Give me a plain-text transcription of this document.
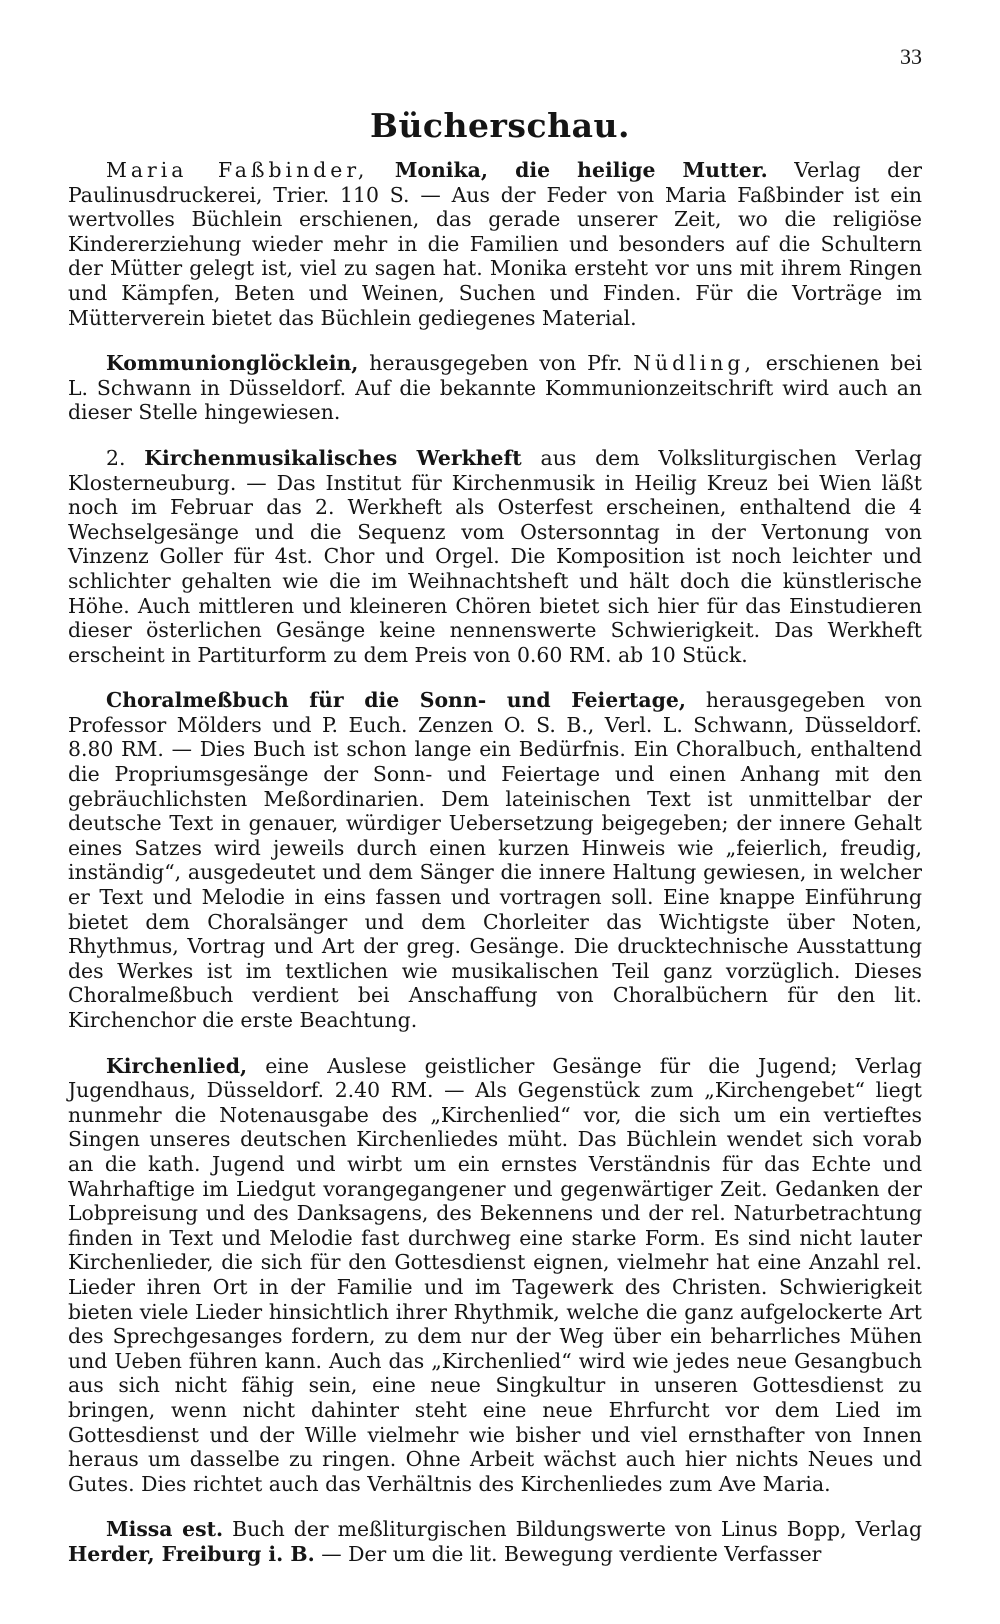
33
Bücherschau.

Maria Faßbinder, Monika, die heilige Mutter. Verlag der Paulinusdruckerei, Trier. 110 S. — Aus der Feder von Maria Faßbinder ist ein wertvolles Büchlein erschienen, das gerade unserer Zeit, wo die religiöse Kindererziehung wieder mehr in die Familien und besonders auf die Schultern der Mütter gelegt ist, viel zu sagen hat. Monika ersteht vor uns mit ihrem Ringen und Kämpfen, Beten und Weinen, Suchen und Finden. Für die Vorträge im Mütterverein bietet das Büchlein gediegenes Material.

Kommunionglöcklein, herausgegeben von Pfr. Nüdling, erschienen bei L. Schwann in Düsseldorf. Auf die bekannte Kommunionzeitschrift wird auch an dieser Stelle hingewiesen.

2. Kirchenmusikalisches Werkheft aus dem Volksliturgischen Verlag Klosterneuburg. — Das Institut für Kirchenmusik in Heilig Kreuz bei Wien läßt noch im Februar das 2. Werkheft als Osterfest erscheinen, enthaltend die 4 Wechselgesänge und die Sequenz vom Ostersonntag in der Vertonung von Vinzenz Goller für 4st. Chor und Orgel. Die Komposition ist noch leichter und schlichter gehalten wie die im Weihnachtsheft und hält doch die künstlerische Höhe. Auch mittleren und kleineren Chören bietet sich hier für das Einstudieren dieser österlichen Gesänge keine nennenswerte Schwierigkeit. Das Werkheft erscheint in Partiturform zu dem Preis von 0.60 RM. ab 10 Stück.

Choralmeßbuch für die Sonn- und Feiertage, herausgegeben von Professor Mölders und P. Euch. Zenzen O. S. B., Verl. L. Schwann, Düsseldorf. 8.80 RM. — Dies Buch ist schon lange ein Bedürfnis. Ein Choralbuch, enthaltend die Propriumsgesänge der Sonn- und Feiertage und einen Anhang mit den gebräuchlichsten Meßordinarien. Dem lateinischen Text ist unmittelbar der deutsche Text in genauer, würdiger Uebersetzung beigegeben; der innere Gehalt eines Satzes wird jeweils durch einen kurzen Hinweis wie „feierlich, freudig, inständig“, ausgedeutet und dem Sänger die innere Haltung gewiesen, in welcher er Text und Melodie in eins fassen und vortragen soll. Eine knappe Einführung bietet dem Choralsänger und dem Chorleiter das Wichtigste über Noten, Rhythmus, Vortrag und Art der greg. Gesänge. Die drucktechnische Ausstattung des Werkes ist im textlichen wie musikalischen Teil ganz vorzüglich. Dieses Choralmeßbuch verdient bei Anschaffung von Choralbüchern für den lit. Kirchenchor die erste Beachtung.

Kirchenlied, eine Auslese geistlicher Gesänge für die Jugend; Verlag Jugendhaus, Düsseldorf. 2.40 RM. — Als Gegenstück zum „Kirchengebet“ liegt nunmehr die Notenausgabe des „Kirchenlied“ vor, die sich um ein vertieftes Singen unseres deutschen Kirchenliedes müht. Das Büchlein wendet sich vorab an die kath. Jugend und wirbt um ein ernstes Verständnis für das Echte und Wahrhaftige im Liedgut vorangegangener und gegenwärtiger Zeit. Gedanken der Lobpreisung und des Danksagens, des Bekennens und der rel. Naturbetrachtung finden in Text und Melodie fast durchweg eine starke Form. Es sind nicht lauter Kirchenlieder, die sich für den Gottesdienst eignen, vielmehr hat eine Anzahl rel. Lieder ihren Ort in der Familie und im Tagewerk des Christen. Schwierigkeit bieten viele Lieder hinsichtlich ihrer Rhythmik, welche die ganz aufgelockerte Art des Sprechgesanges fordern, zu dem nur der Weg über ein beharrliches Mühen und Ueben führen kann. Auch das „Kirchenlied“ wird wie jedes neue Gesangbuch aus sich nicht fähig sein, eine neue Singkultur in unseren Gottesdienst zu bringen, wenn nicht dahinter steht eine neue Ehrfurcht vor dem Lied im Gottesdienst und der Wille vielmehr wie bisher und viel ernsthafter von Innen heraus um dasselbe zu ringen. Ohne Arbeit wächst auch hier nichts Neues und Gutes. Dies richtet auch das Verhältnis des Kirchenliedes zum Ave Maria.

Missa est. Buch der meßliturgischen Bildungswerte von Linus Bopp, Verlag Herder, Freiburg i. B. — Der um die lit. Bewegung verdiente Verfasser
